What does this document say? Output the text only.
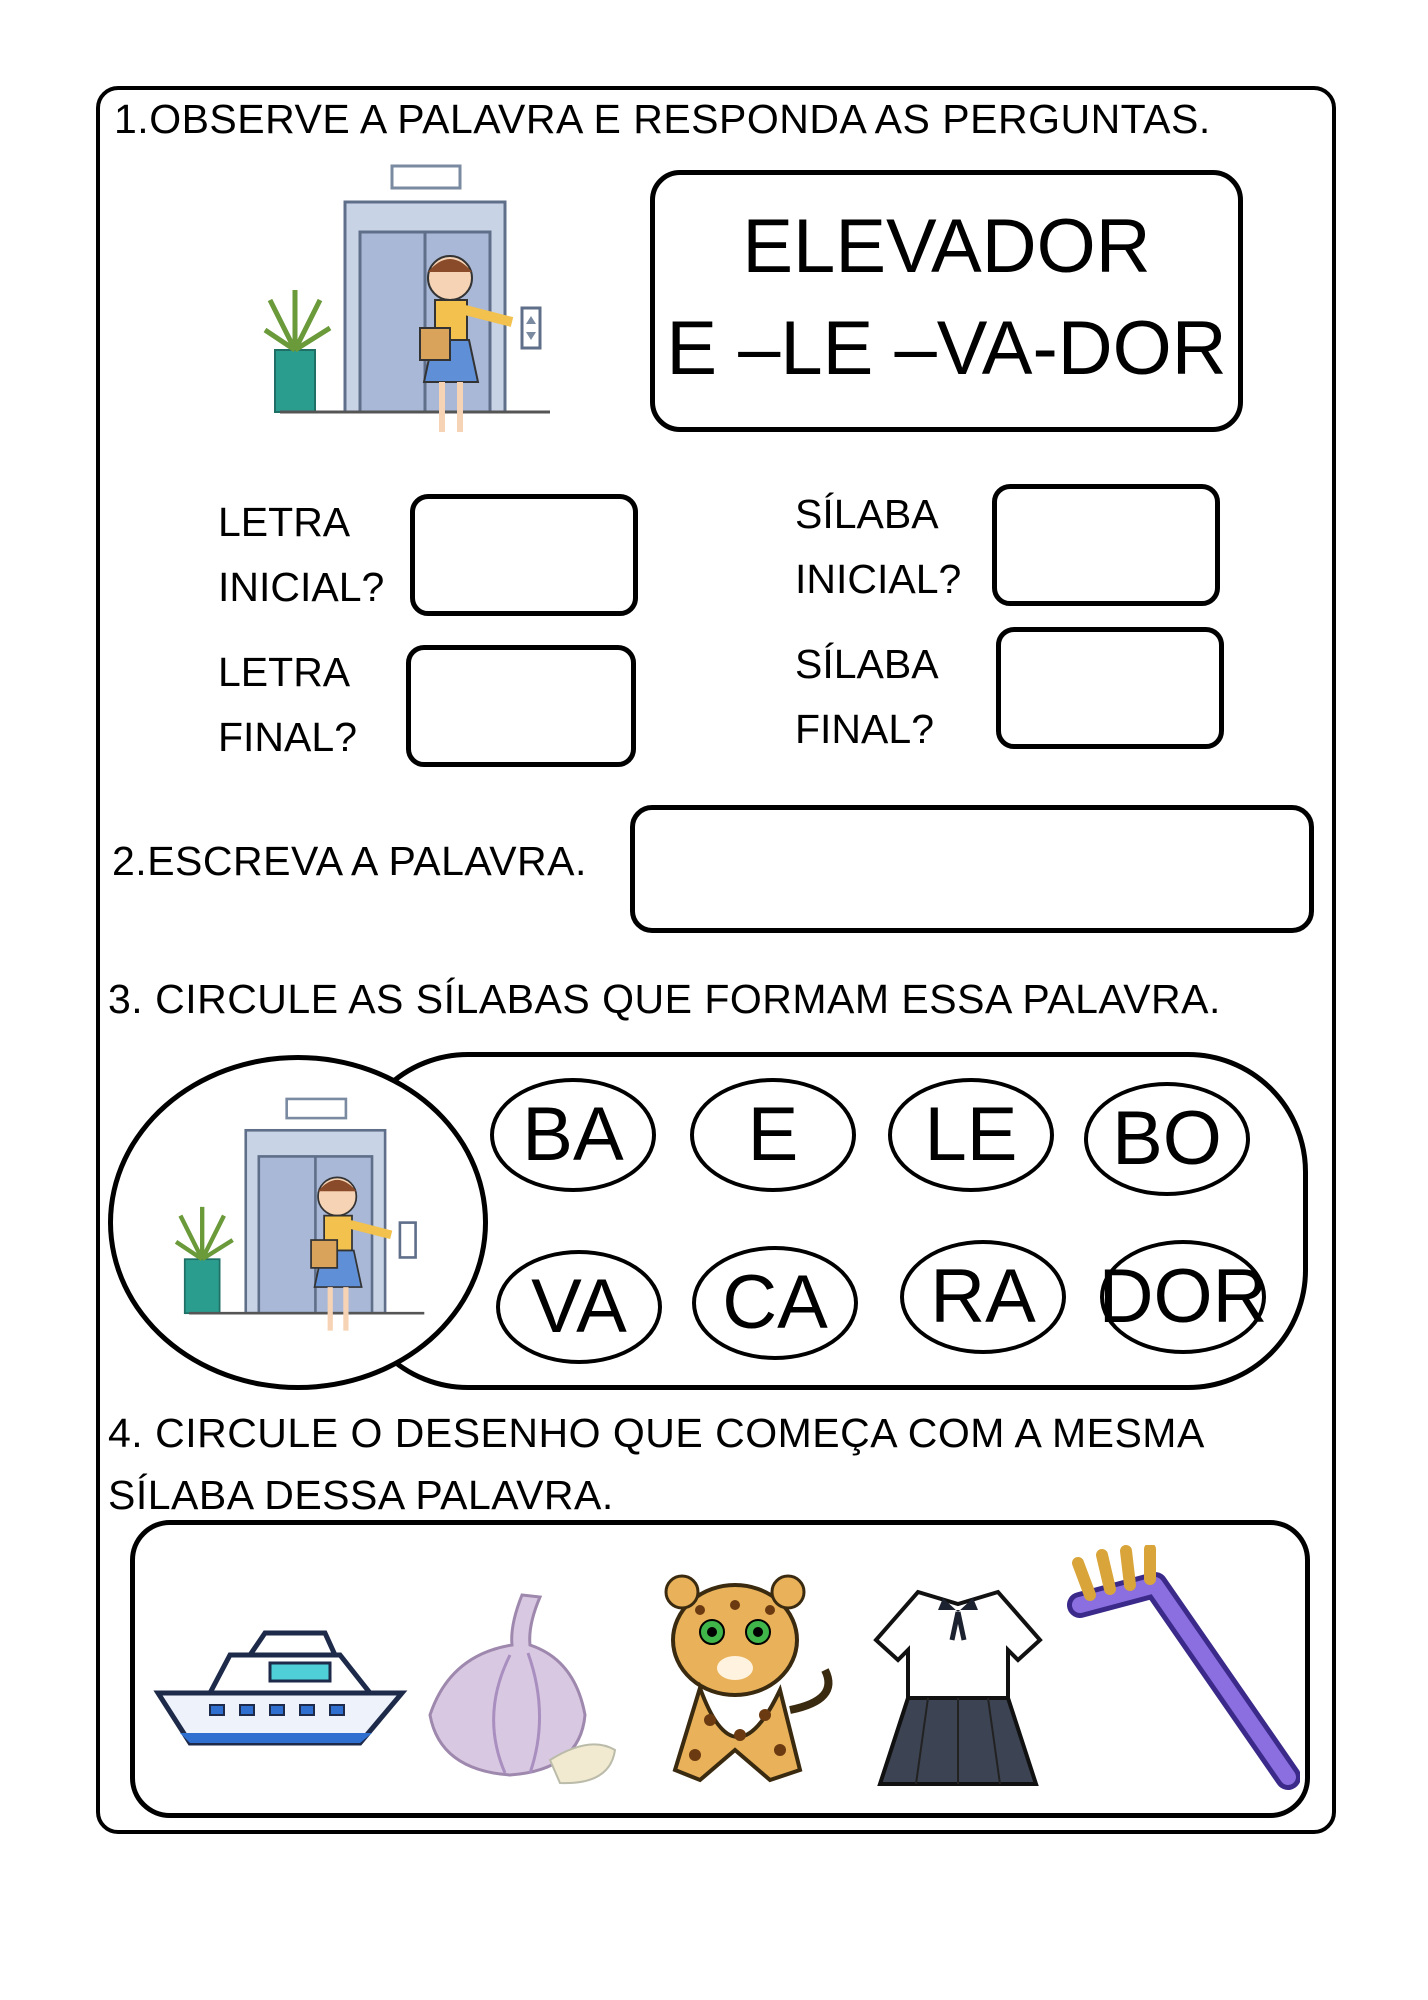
1.OBSERVE A PALAVRA E RESPONDA AS PERGUNTAS.
ELEVADOR
E –LE –VA-DOR
LETRA
INICIAL?
LETRA
FINAL?
SÍLABA
INICIAL?
SÍLABA
FINAL?
2.ESCREVA A PALAVRA.
3. CIRCULE AS SÍLABAS QUE FORMAM ESSA PALAVRA.
BA	E	LE	BO
VA	CA	RA DOR
4. CIRCULE O DESENHO QUE COMEÇA COM A MESMA
SÍLABA DESSA PALAVRA.
